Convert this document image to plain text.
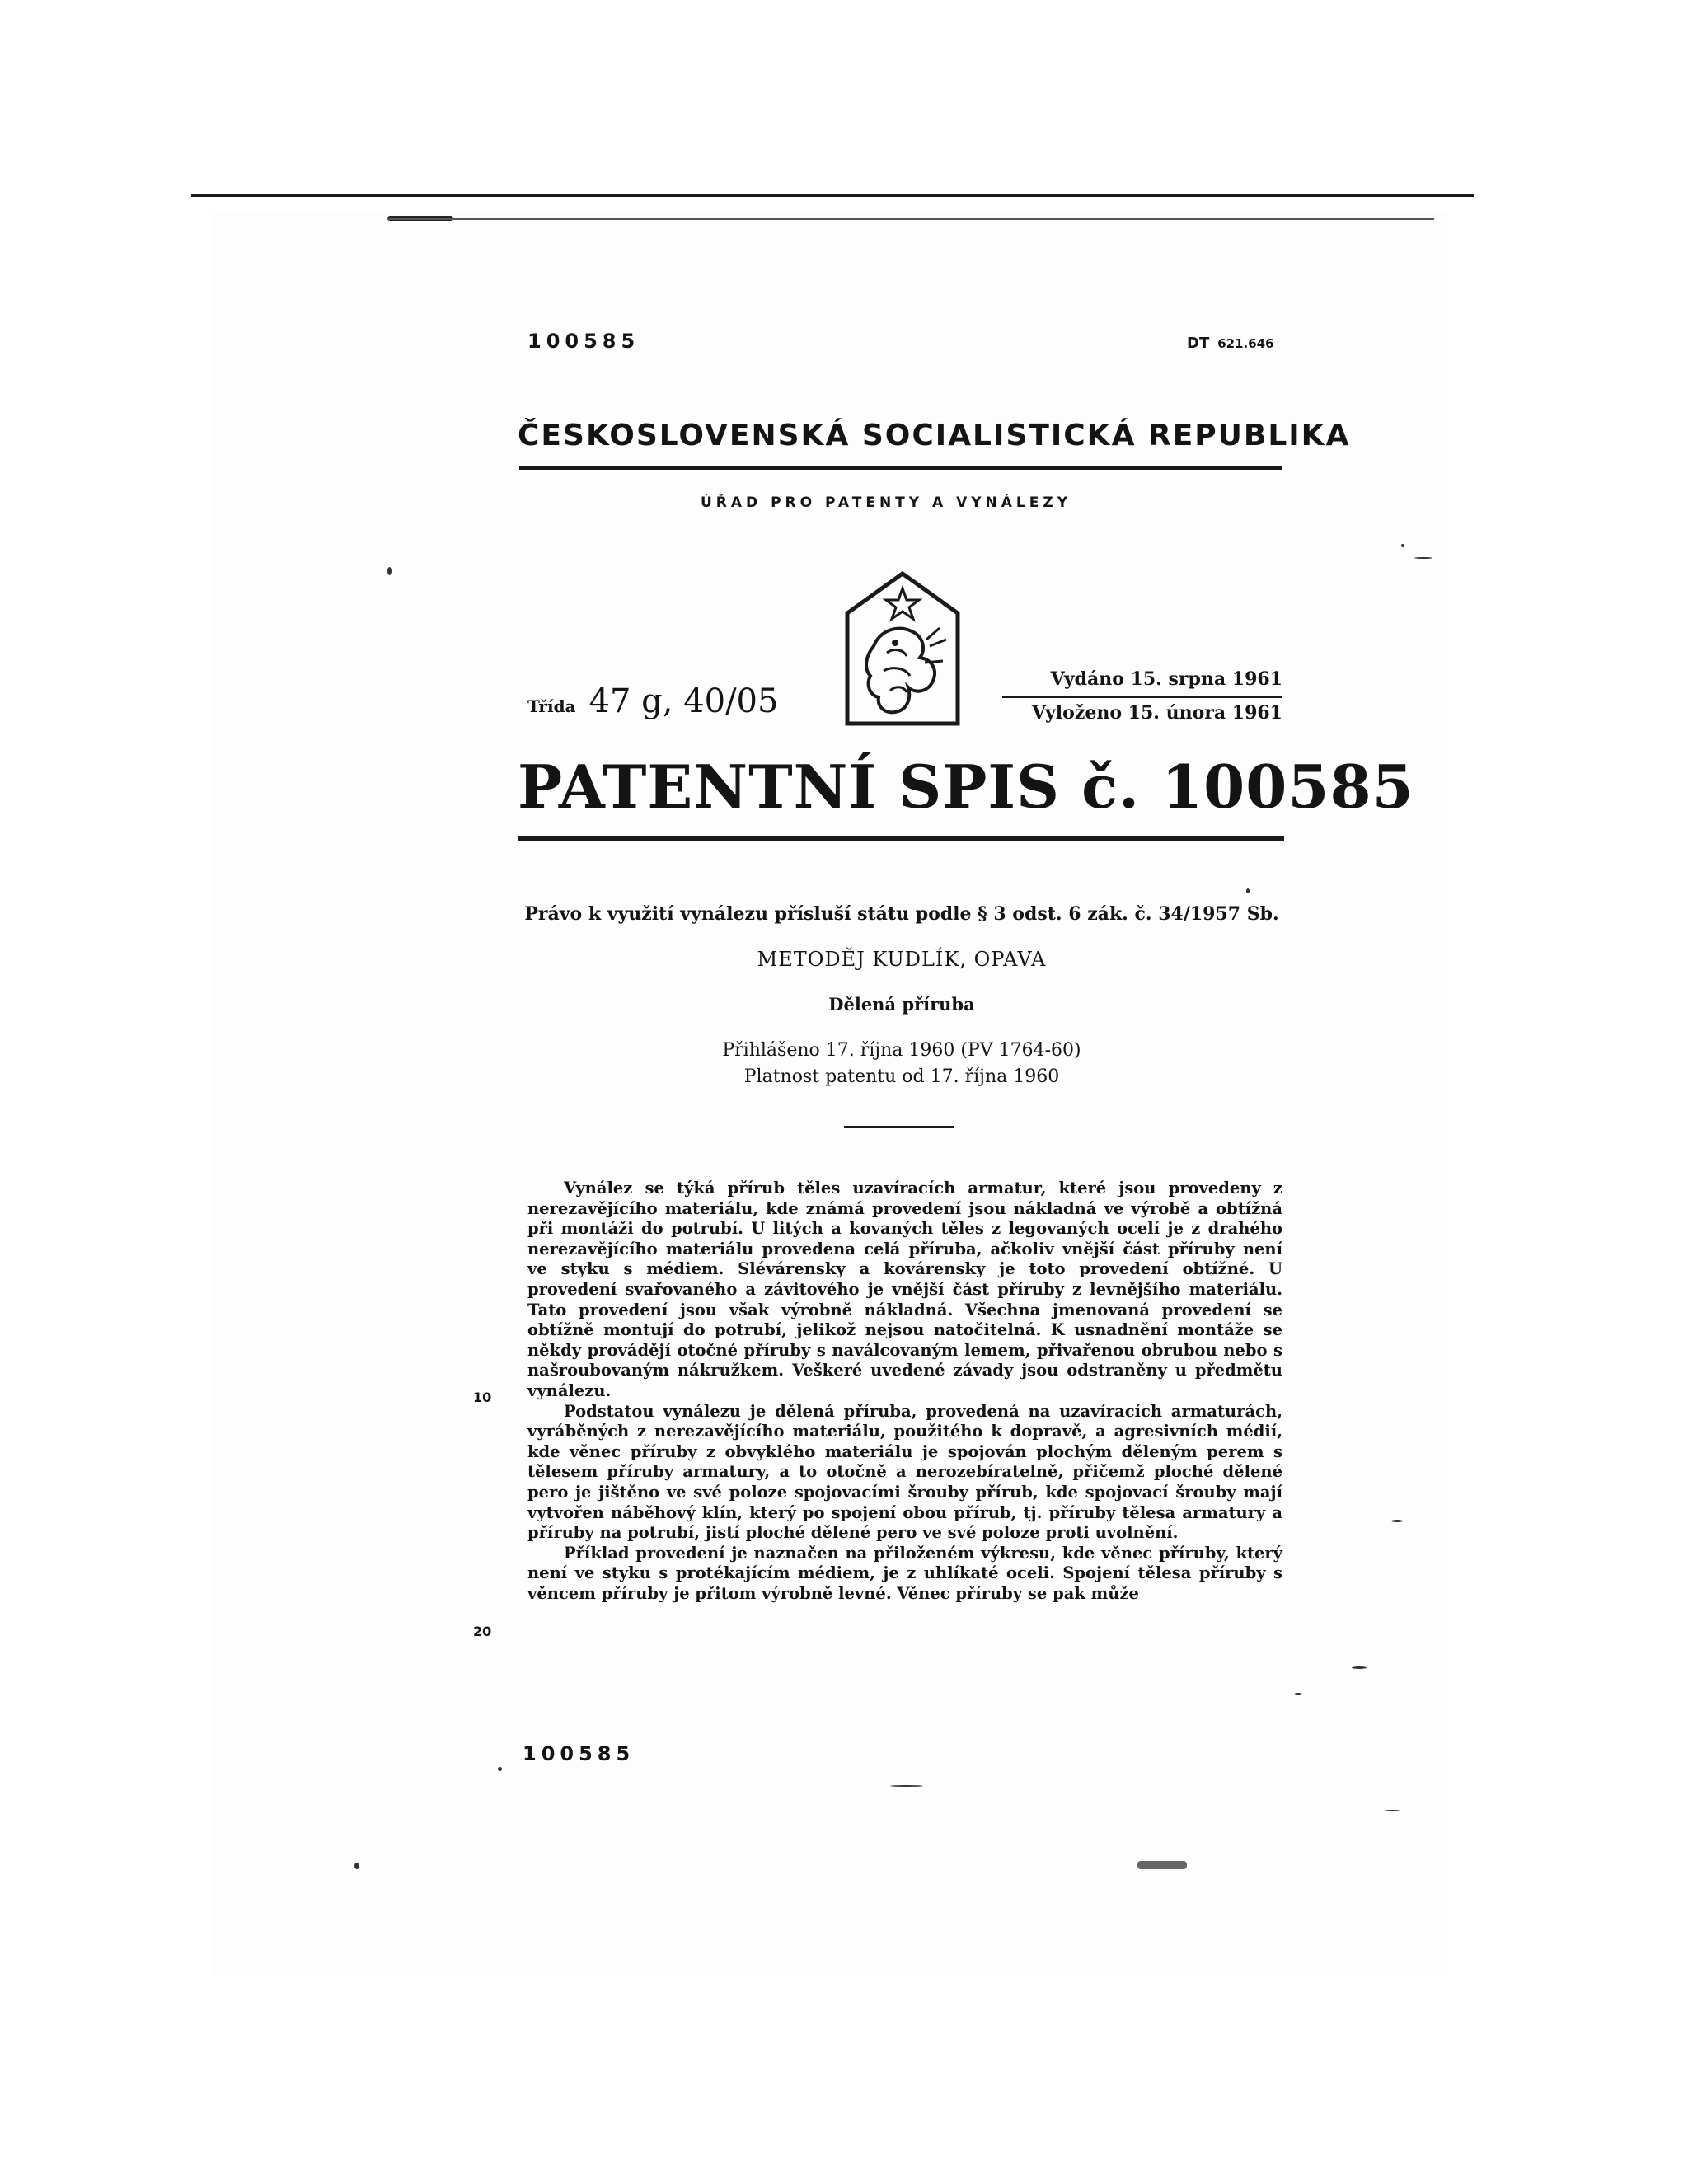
100585	DT 621.646
ČESKOSLOVENSKÁ SOCIALISTICKÁ REPUBLIKA
ÚŘAD PRO PATENTY A VYNÁLEZY
Třída 47 g, 40/05
Vydáno 15. srpna 1961
Vyloženo 15. února 1961
PATENTNÍ SPIS č. 100585
Právo k využití vynálezu přísluší státu podle § 3 odst. 6 zák. č. 34/1957 Sb.
METODĚJ KUDLÍK, OPAVA
Dělená příruba
Přihlášeno 17. října 1960 (PV 1764-60)
Platnost patentu od 17. října 1960

Vynález se týká přírub těles uzavíracích armatur, které jsou provedeny z nerezavějícího materiálu, kde známá provedení jsou nákladná ve výrobě a obtížná při montáži do potrubí. U litých a kovaných těles z legovaných ocelí je z drahého nerezavějícího materiálu provedena celá příruba, ačkoliv vnější část příruby není ve styku s médiem. Slévárensky a kovárensky je toto provedení obtížné. U provedení svařovaného a závitového je vnější část příruby z levnějšího materiálu. Tato provedení jsou však výrobně nákladná. Všechna jmenovaná provedení se obtížně montují do potrubí, jelikož nejsou natočitelná. K usnadnění montáže se někdy provádějí otočné příruby s naválcovaným lemem, přivařenou obrubou nebo s našroubovaným nákružkem. Veškeré uvedené závady jsou odstraněny u předmětu vynálezu.

Podstatou vynálezu je dělená příruba, provedená na uzavíracích armaturách, vyráběných z nerezavějícího materiálu, použitého k dopravě, a agresivních médií, kde věnec příruby z obvyklého materiálu je spojován plochým děleným perem s tělesem příruby armatury, a to otočně a nerozebíratelně, přičemž ploché dělené pero je jištěno ve své poloze spojovacími šrouby přírub, kde spojovací šrouby mají vytvořen náběhový klín, který po spojení obou přírub, tj. příruby tělesa armatury a příruby na potrubí, jistí ploché dělené pero ve své poloze proti uvolnění.

Příklad provedení je naznačen na přiloženém výkresu, kde věnec příruby, který není ve styku s protékajícím médiem, je z uhlíkaté oceli. Spojení tělesa příruby s věncem příruby je přitom výrobně levné. Věnec příruby se pak může

10
20
100585
